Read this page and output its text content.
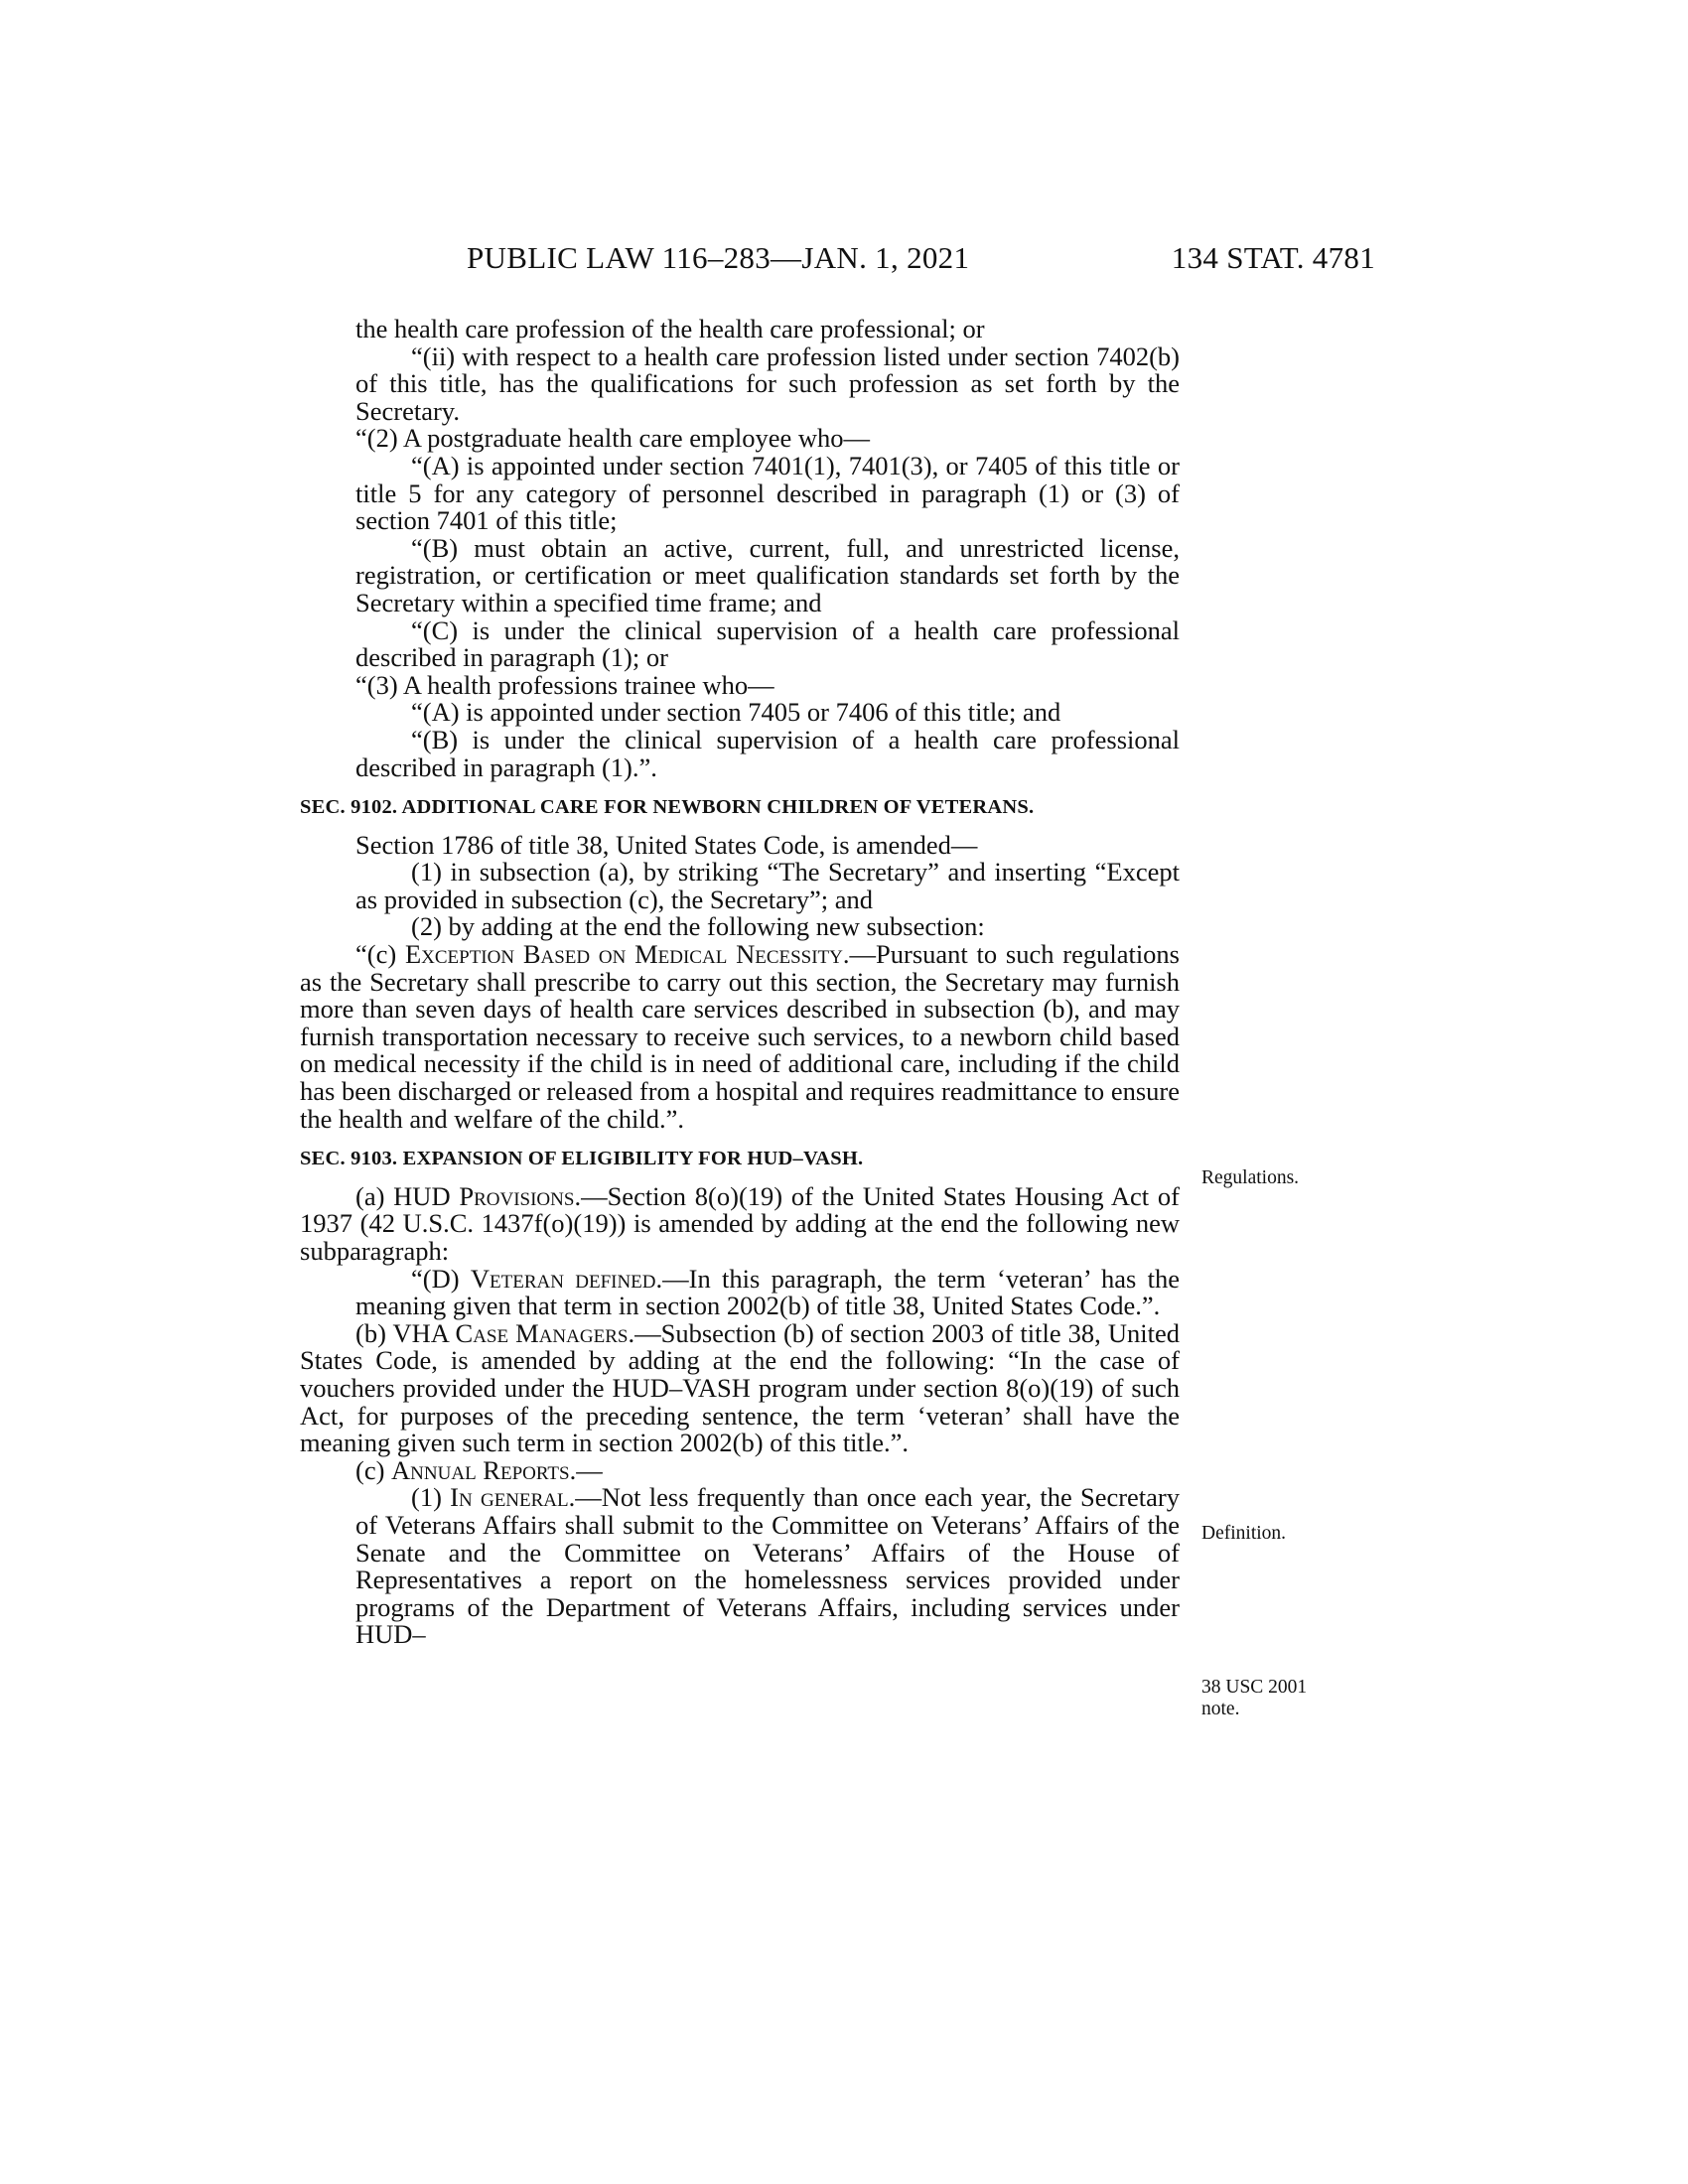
PUBLIC LAW 116–283—JAN. 1, 2021	134 STAT. 4781

the health care profession of the health care professional; or

“(ii) with respect to a health care profession listed under section 7402(b) of this title, has the qualifications for such profession as set forth by the Secretary.

“(2) A postgraduate health care employee who—

“(A) is appointed under section 7401(1), 7401(3), or 7405 of this title or title 5 for any category of personnel described in paragraph (1) or (3) of section 7401 of this title;

“(B) must obtain an active, current, full, and unrestricted license, registration, or certification or meet qualification standards set forth by the Secretary within a specified time frame; and

“(C) is under the clinical supervision of a health care professional described in paragraph (1); or

“(3) A health professions trainee who—

“(A) is appointed under section 7405 or 7406 of this title; and

“(B) is under the clinical supervision of a health care professional described in paragraph (1).”.

SEC. 9102. ADDITIONAL CARE FOR NEWBORN CHILDREN OF VETERANS.

Section 1786 of title 38, United States Code, is amended—

(1) in subsection (a), by striking “The Secretary” and inserting “Except as provided in subsection (c), the Secretary”; and

(2) by adding at the end the following new subsection:

“(c) Exception Based on Medical Necessity.—Pursuant to such regulations as the Secretary shall prescribe to carry out this section, the Secretary may furnish more than seven days of health care services described in subsection (b), and may furnish transportation necessary to receive such services, to a newborn child based on medical necessity if the child is in need of additional care, including if the child has been discharged or released from a hospital and requires readmittance to ensure the health and welfare of the child.”.

SEC. 9103. EXPANSION OF ELIGIBILITY FOR HUD–VASH.

(a) HUD Provisions.—Section 8(o)(19) of the United States Housing Act of 1937 (42 U.S.C. 1437f(o)(19)) is amended by adding at the end the following new subparagraph:

“(D) Veteran defined.—In this paragraph, the term ‘veteran’ has the meaning given that term in section 2002(b) of title 38, United States Code.”.

(b) VHA Case Managers.—Subsection (b) of section 2003 of title 38, United States Code, is amended by adding at the end the following: “In the case of vouchers provided under the HUD–VASH program under section 8(o)(19) of such Act, for purposes of the preceding sentence, the term ‘veteran’ shall have the meaning given such term in section 2002(b) of this title.”.

(c) Annual Reports.—

(1) In general.—Not less frequently than once each year, the Secretary of Veterans Affairs shall submit to the Committee on Veterans’ Affairs of the Senate and the Committee on Veterans’ Affairs of the House of Representatives a report on the homelessness services provided under programs of the Department of Veterans Affairs, including services under HUD–

Regulations.
Definition.
38 USC 2001
note.
